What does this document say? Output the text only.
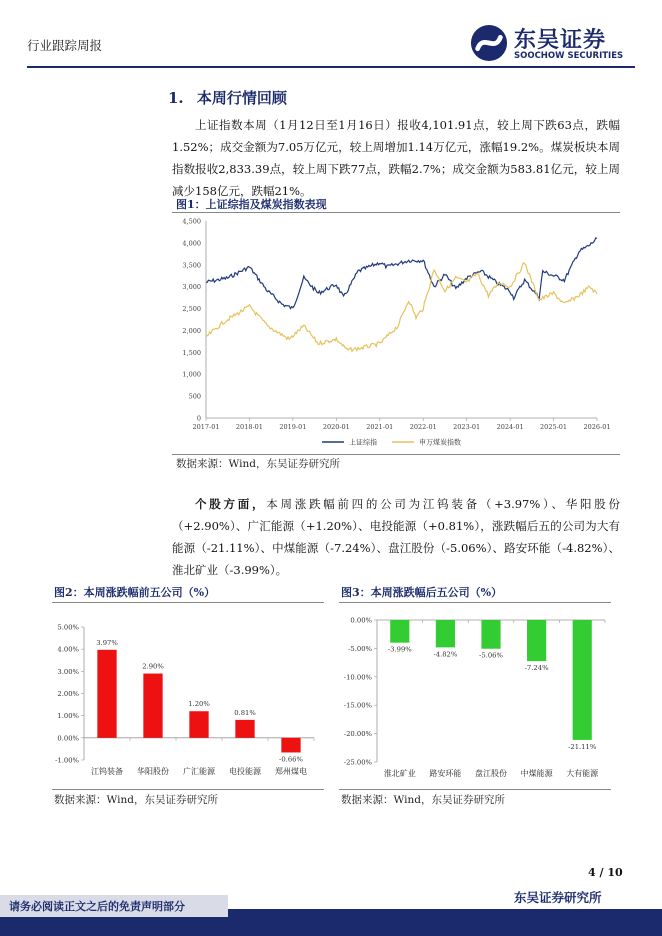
行业跟踪周报	东吴证券
SOOCHOW SECURITIES
1. 本周行情回顾
上证指数本周（1月12日至1月16日）报收4,101.91点，较上周下跌63点，跌幅1.52%；成交金额为7.05万亿元，较上周增加1.14万亿元，涨幅19.2%。煤炭板块本周指数报收2,833.39点，较上周下跌77点，跌幅2.7%；成交金额为583.81亿元，较上周减少158亿元，跌幅21%。
图1：上证综指及煤炭指数表现
0
500
1,000
1,500
2,000
2,500
3,000
3,500
4,000
4,500
2017-01	2018-01	2019-01	2020-01	2021-01	2022-01	2023-01	2024-01	2025-01	2026-01
上证综指	申万煤炭指数
数据来源：Wind，东吴证券研究所
个股方面，本周涨跌幅前四的公司为江钨装备（+3.97%）、华阳股份（+2.90%）、广汇能源（+1.20%）、电投能源（+0.81%），涨跌幅后五的公司为大有能源（-21.11%）、中煤能源（-7.24%）、盘江股份（-5.06%）、路安环能（-4.82%）、淮北矿业（-3.99%）。
图2：本周涨跌幅前五公司（%）
5.00%
4.00%
3.00%
2.00%
1.00%
0.00%
-1.00%
3.97%
江钨装备
2.90%
华阳股份
1.20%
广汇能源
0.81%
电投能源
-0.66%
郑州煤电
数据来源：Wind，东吴证券研究所
图3：本周涨跌幅后五公司（%）
0.00%
-5.00%
-10.00%
-15.00%
-20.00%
-25.00%
-3.99%
淮北矿业
-4.82%
路安环能
-5.06%
盘江股份
-7.24%
中煤能源
-21.11%
大有能源
数据来源：Wind，东吴证券研究所
4 / 10
东吴证券研究所
请务必阅读正文之后的免责声明部分
